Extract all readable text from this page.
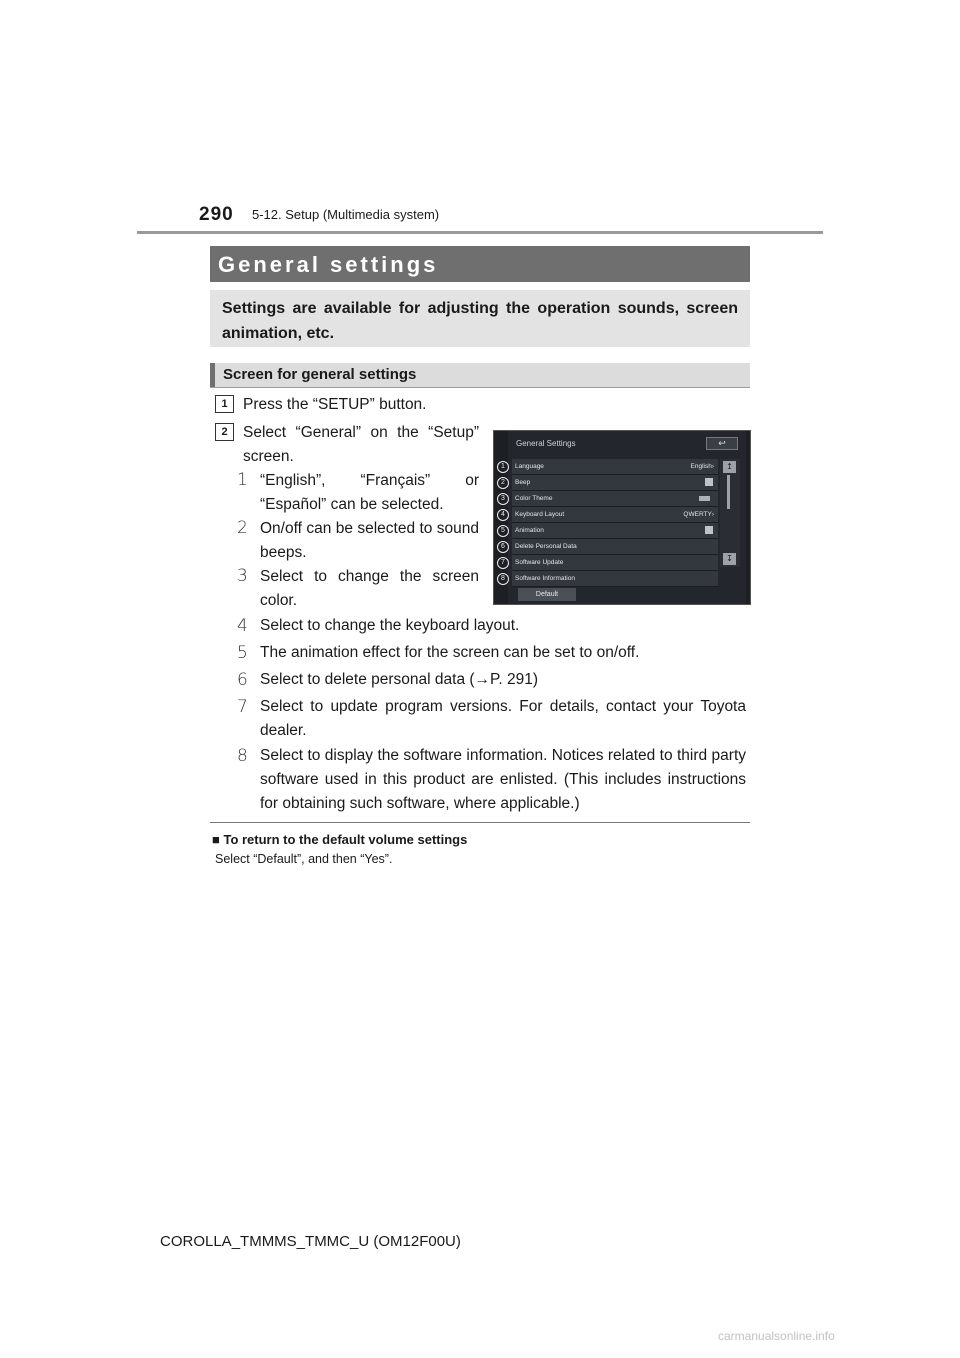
290 5-12. Setup (Multimedia system)
General settings
Settings are available for adjusting the operation sounds, screen animation, etc.
Screen for general settings
1 Press the “SETUP” button.
2 Select “General” on the “Setup” screen.
1 “English”, “Français” or “Español” can be selected.
2 On/off can be selected to sound beeps.
3 Select to change the screen color.
4 Select to change the keyboard layout.
5 The animation effect for the screen can be set to on/off.
6 Select to delete personal data (→P. 291)
7 Select to update program versions. For details, contact your Toyota dealer.
8 Select to display the software information. Notices related to third party software used in this product are enlisted. (This includes instructions for obtaining such software, where applicable.)
General Settings	↩
Language	English›
Beep
Color Theme
Keyboard Layout	QWERTY›
Animation
Delete Personal Data
Software Update
Software Information
↥
↧
Default
1
2
3
4
5
6
7
8
■ To return to the default volume settings
Select “Default”, and then “Yes”.
COROLLA_TMMMS_TMMC_U (OM12F00U)
carmanualsonline.info
